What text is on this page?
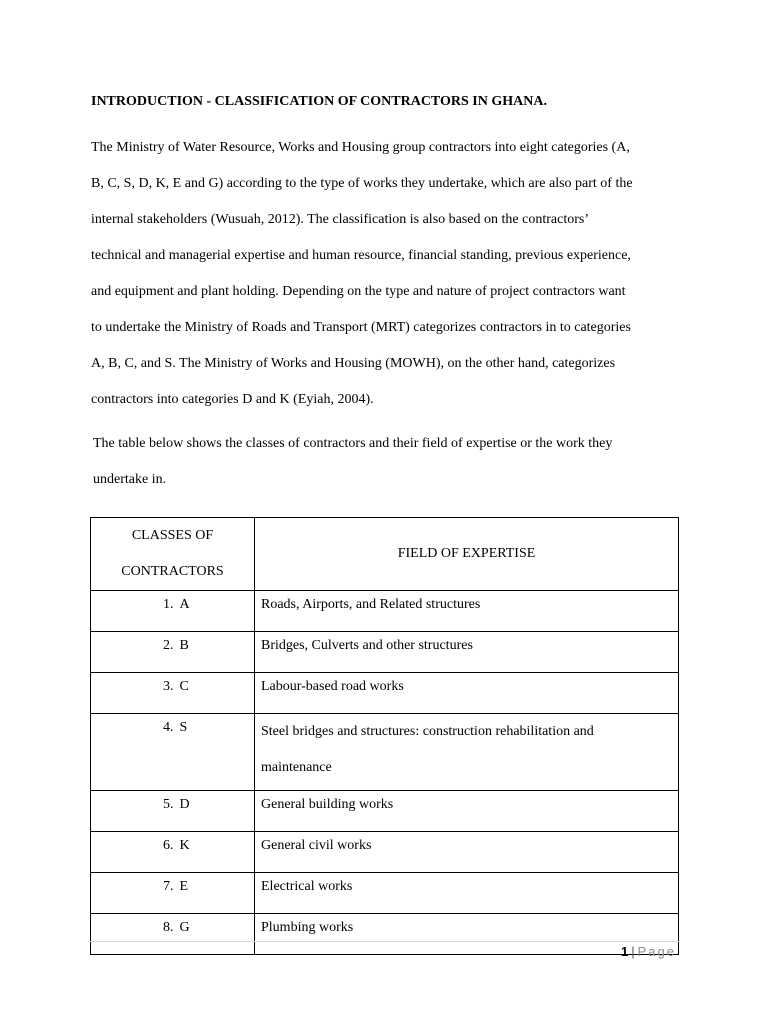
INTRODUCTION - CLASSIFICATION OF CONTRACTORS IN GHANA.

The Ministry of Water Resource, Works and Housing group contractors into eight categories (A,
B, C, S, D, K, E and G) according to the type of works they undertake, which are also part of the
internal stakeholders (Wusuah, 2012). The classification is also based on the contractors’
technical and managerial expertise and human resource, financial standing, previous experience,
and equipment and plant holding. Depending on the type and nature of project contractors want
to undertake the Ministry of Roads and Transport (MRT) categorizes contractors in to categories
A, B, C, and S. The Ministry of Works and Housing (MOWH), on the other hand, categorizes
contractors into categories D and K (Eyiah, 2004).

The table below shows the classes of contractors and their field of expertise or the work they
undertake in.

CLASSES OF
CONTRACTORS	FIELD OF EXPERTISE
1. A	Roads, Airports, and Related structures
2. B	Bridges, Culverts and other structures
3. C	Labour-based road works
4. S	Steel bridges and structures: construction rehabilitation and
maintenance

5. D	General building works
6. K	General civil works
7. E	Electrical works
8. G	Plumbing works
1 | Page
